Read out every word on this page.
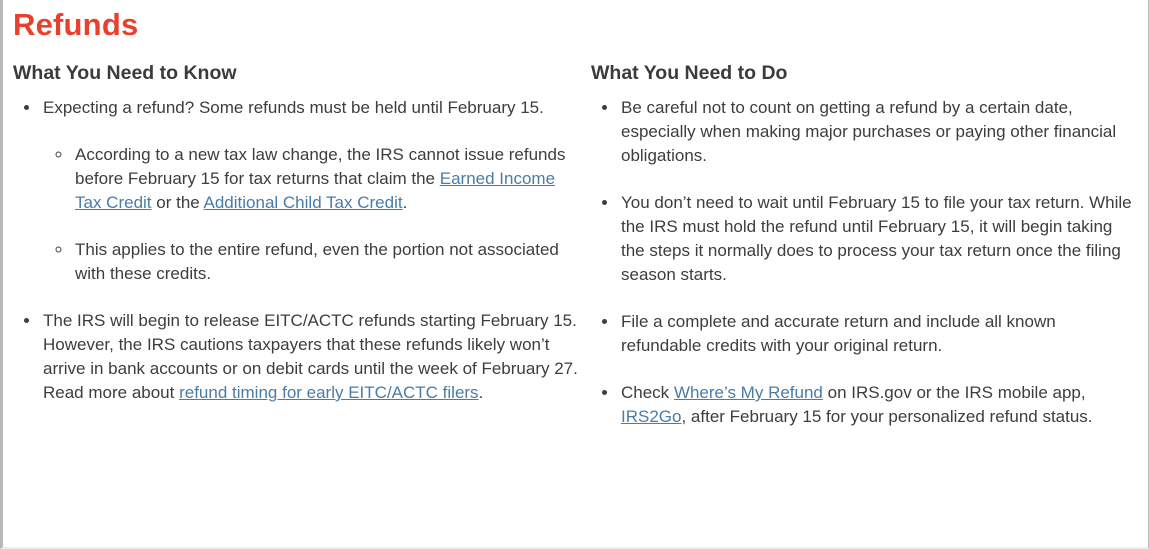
Refunds
What You Need to Know
• Expecting a refund? Some refunds must be held until February 15.
◦ According to a new tax law change, the IRS cannot issue refunds before February 15 for tax returns that claim the Earned Income Tax Credit or the Additional Child Tax Credit.
◦ This applies to the entire refund, even the portion not associated with these credits.
• The IRS will begin to release EITC/ACTC refunds starting February 15. However, the IRS cautions taxpayers that these refunds likely won’t arrive in bank accounts or on debit cards until the week of February 27. Read more about refund timing for early EITC/ACTC filers.
What You Need to Do
• Be careful not to count on getting a refund by a certain date, especially when making major purchases or paying other financial obligations.
• You don’t need to wait until February 15 to file your tax return. While the IRS must hold the refund until February 15, it will begin taking the steps it normally does to process your tax return once the filing season starts.
• File a complete and accurate return and include all known refundable credits with your original return.
• Check Where’s My Refund on IRS.gov or the IRS mobile app, IRS2Go, after February 15 for your personalized refund status.
